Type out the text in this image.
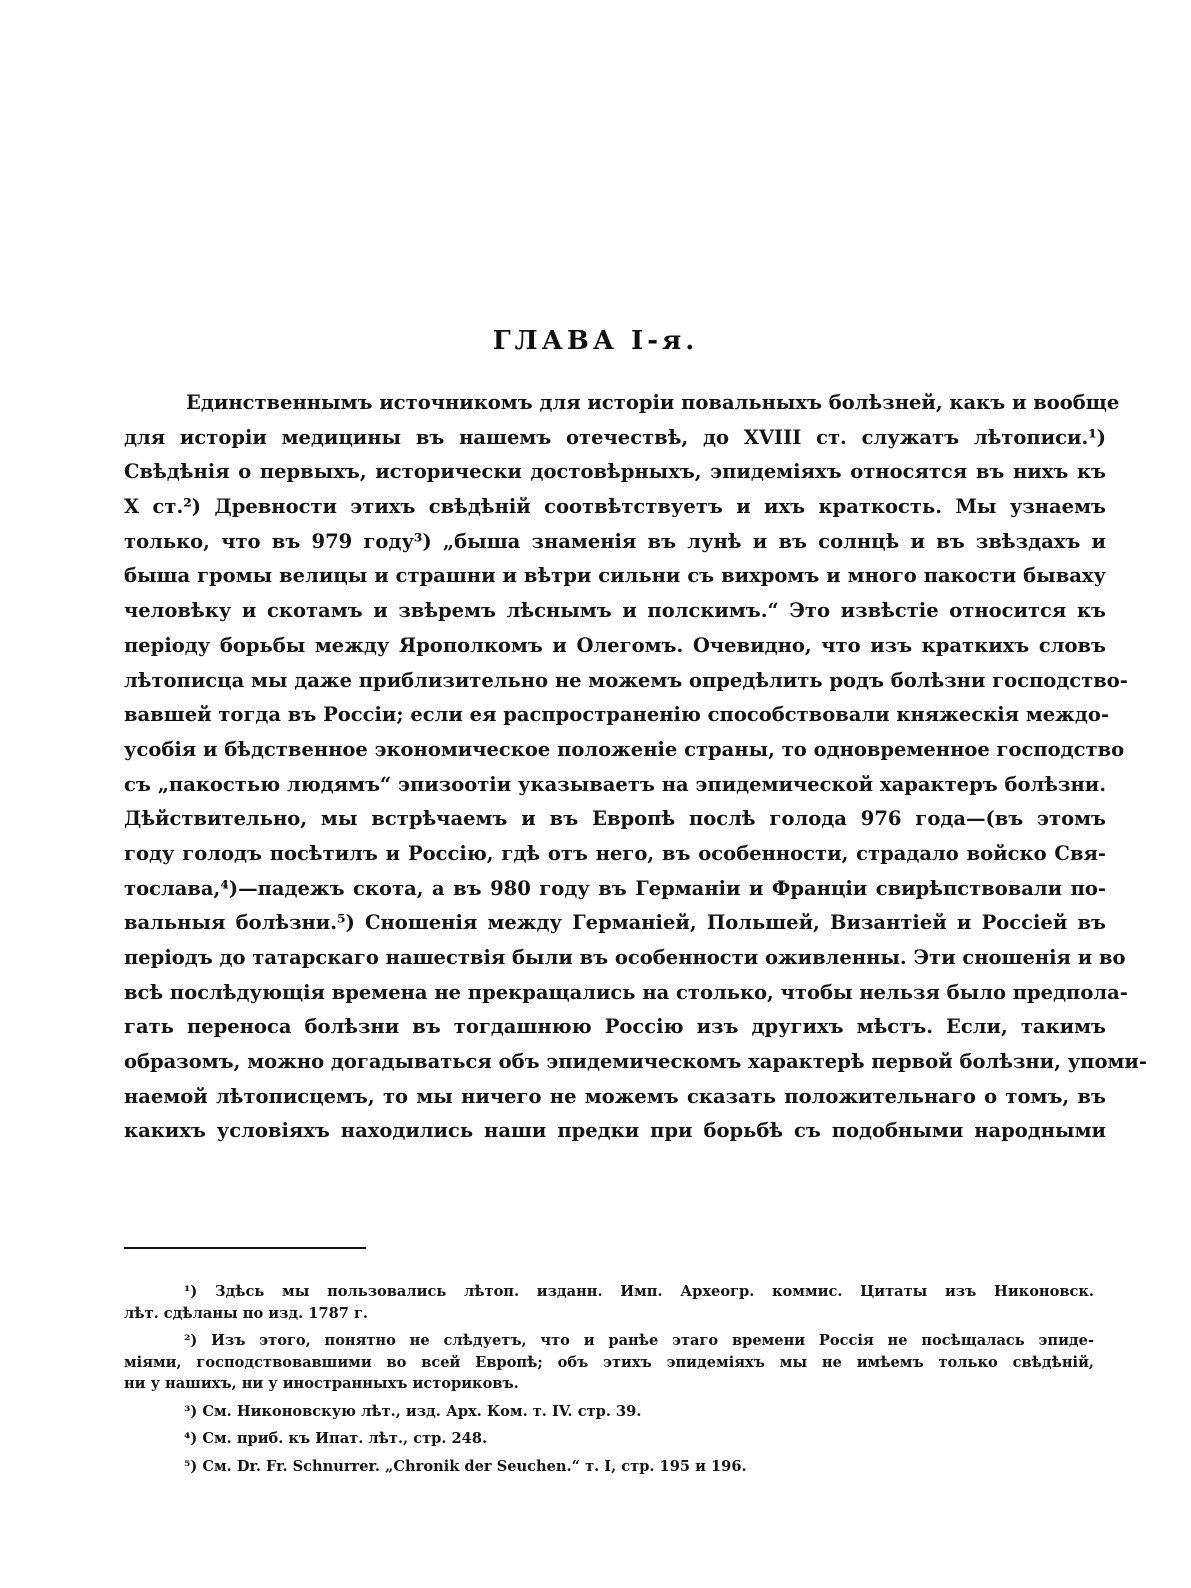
ГЛАВА I-я.
Единственнымъ источникомъ для исторіи повальныхъ болѣзней, какъ и вообще
для исторіи медицины въ нашемъ отечествѣ, до XVIII ст. служатъ лѣтописи.¹)
Свѣдѣнія о первыхъ, исторически достовѣрныхъ, эпидеміяхъ относятся въ нихъ къ
X ст.²) Древности этихъ свѣдѣній соотвѣтствуетъ и ихъ краткость. Мы узнаемъ
только, что въ 979 году³) „быша знаменія въ лунѣ и въ солнцѣ и въ звѣздахъ и
быша громы велицы и страшни и вѣтри сильни съ вихромъ и много пакости бываху
человѣку и скотамъ и звѣремъ лѣснымъ и полскимъ.“ Это извѣстіе относится къ
періоду борьбы между Ярополкомъ и Олегомъ. Очевидно, что изъ краткихъ словъ
лѣтописца мы даже приблизительно не можемъ опредѣлить родъ болѣзни господство-
вавшей тогда въ Россіи; если ея распространенію способствовали княжескія междо-
усобія и бѣдственное экономическое положеніе страны, то одновременное господство
съ „пакостью людямъ“ эпизоотіи указываетъ на эпидемической характеръ болѣзни.
Дѣйствительно, мы встрѣчаемъ и въ Европѣ послѣ голода 976 года—(въ этомъ
году голодъ посѣтилъ и Россію, гдѣ отъ него, въ особенности, страдало войско Свя-
тослава,⁴)—падежъ скота, а въ 980 году въ Германіи и Франціи свирѣпствовали по-
вальныя болѣзни.⁵) Сношенія между Германіей, Польшей, Византіей и Россіей въ
періодъ до татарскаго нашествія были въ особенности оживленны. Эти сношенія и во
всѣ послѣдующія времена не прекращались на столько, чтобы нельзя было предпола-
гать переноса болѣзни въ тогдашнюю Россію изъ другихъ мѣстъ. Если, такимъ
образомъ, можно догадываться объ эпидемическомъ характерѣ первой болѣзни, упоми-
наемой лѣтописцемъ, то мы ничего не можемъ сказать положительнаго о томъ, въ
какихъ условіяхъ находились наши предки при борьбѣ съ подобными народными
¹) Здѣсь мы пользовались лѣтоп. изданн. Имп. Археогр. коммис. Цитаты изъ Никоновск.
лѣт. сдѣланы по изд. 1787 г.
²) Изъ этого, понятно не слѣдуетъ, что и ранѣе этаго времени Россія не посѣщалась эпиде-
міями, господствовавшими во всей Европѣ; объ этихъ эпидеміяхъ мы не имѣемъ только свѣдѣній,
ни у нашихъ, ни у иностранныхъ историковъ.
³) См. Никоновскую лѣт., изд. Арх. Ком. т. IV. стр. 39.
⁴) См. приб. къ Ипат. лѣт., стр. 248.
⁵) См. Dr. Fr. Schnurrer. „Chronik der Seuchen.“ т. I, стр. 195 и 196.
